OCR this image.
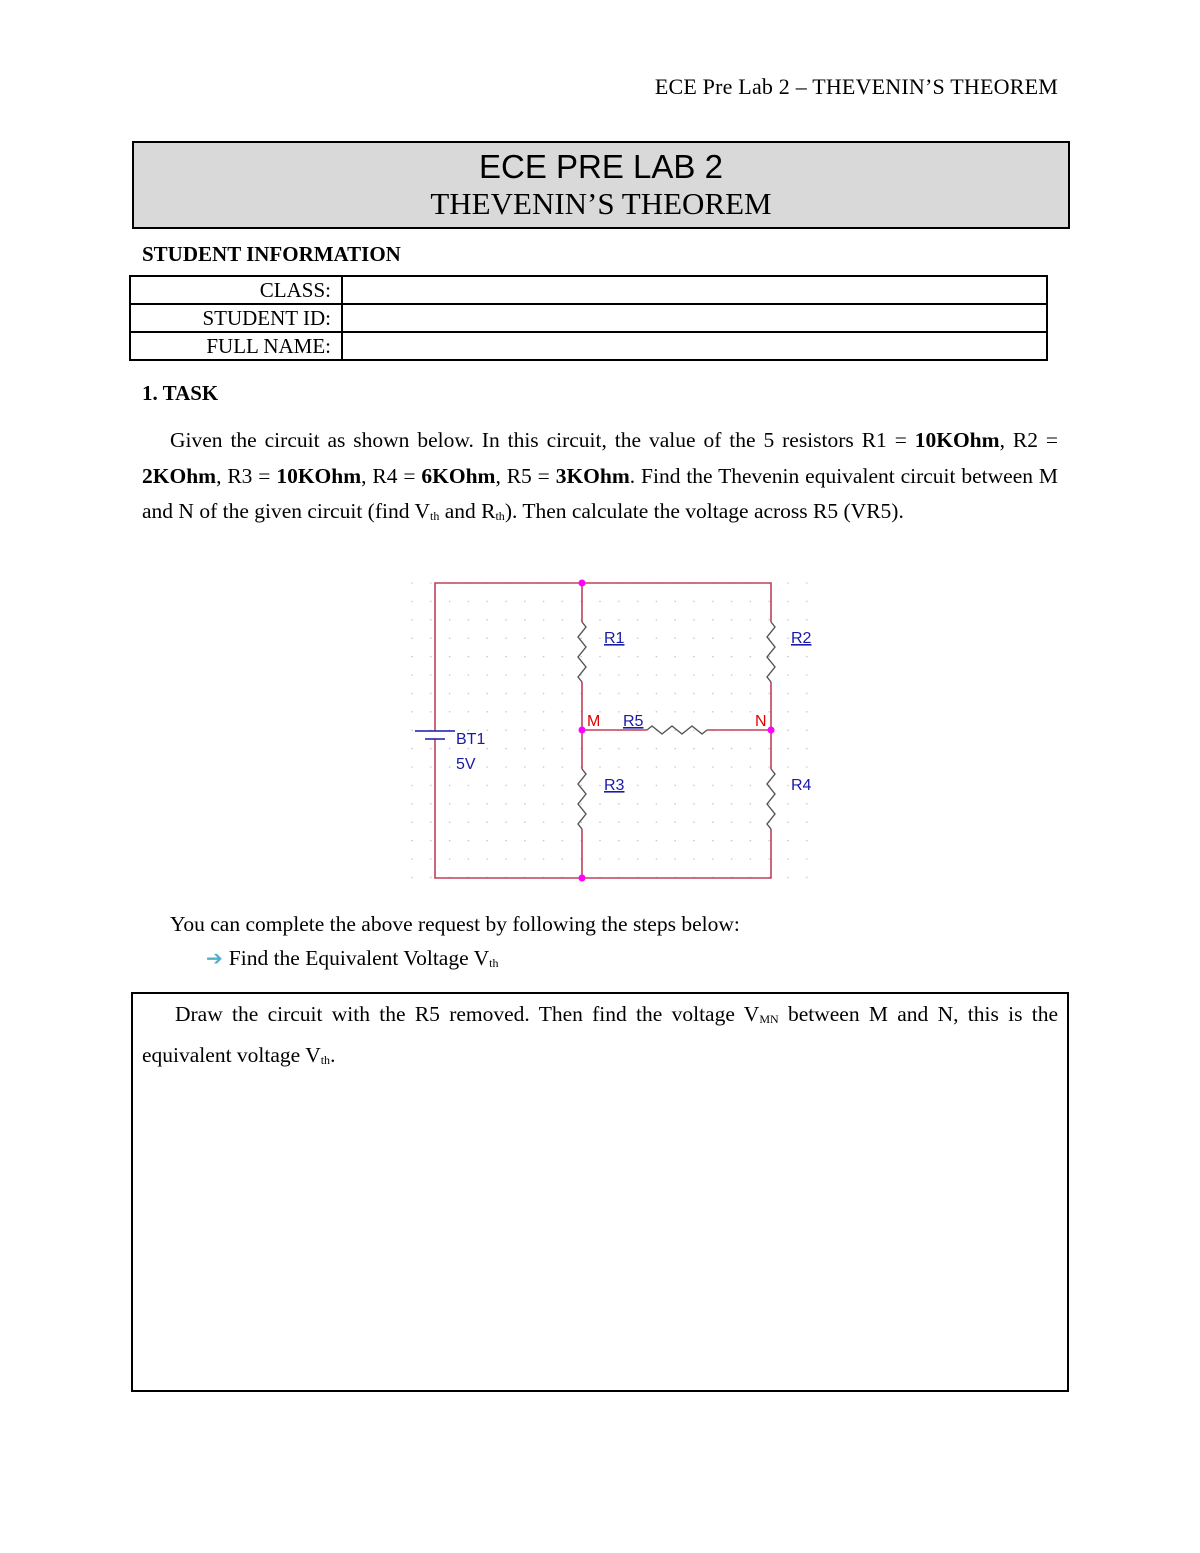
ECE Pre Lab 2 – THEVENIN’S THEOREM
ECE PRE LAB 2
THEVENIN’S THEOREM
STUDENT INFORMATION
CLASS:	
STUDENT ID:	
FULL NAME:	
1. TASK
Given the circuit as shown below. In this circuit, the value of the 5 resistors R1 = 10KOhm, R2 = 2KOhm, R3 = 10KOhm, R4 = 6KOhm, R5 = 3KOhm. Find the Thevenin equivalent circuit between M and N of the given circuit (find $V_{th}$ and $R_{th}$). Then calculate the voltage across R5 (VR5).
R1	R2
R3	R4
R5
BT1
5V
M	N
You can complete the above request by following the steps below:
➔ Find the Equivalent Voltage $V_{th}$
Draw the circuit with the R5 removed. Then find the voltage $V_{MN}$ between M and N, this is the equivalent voltage $V_{th}$.
